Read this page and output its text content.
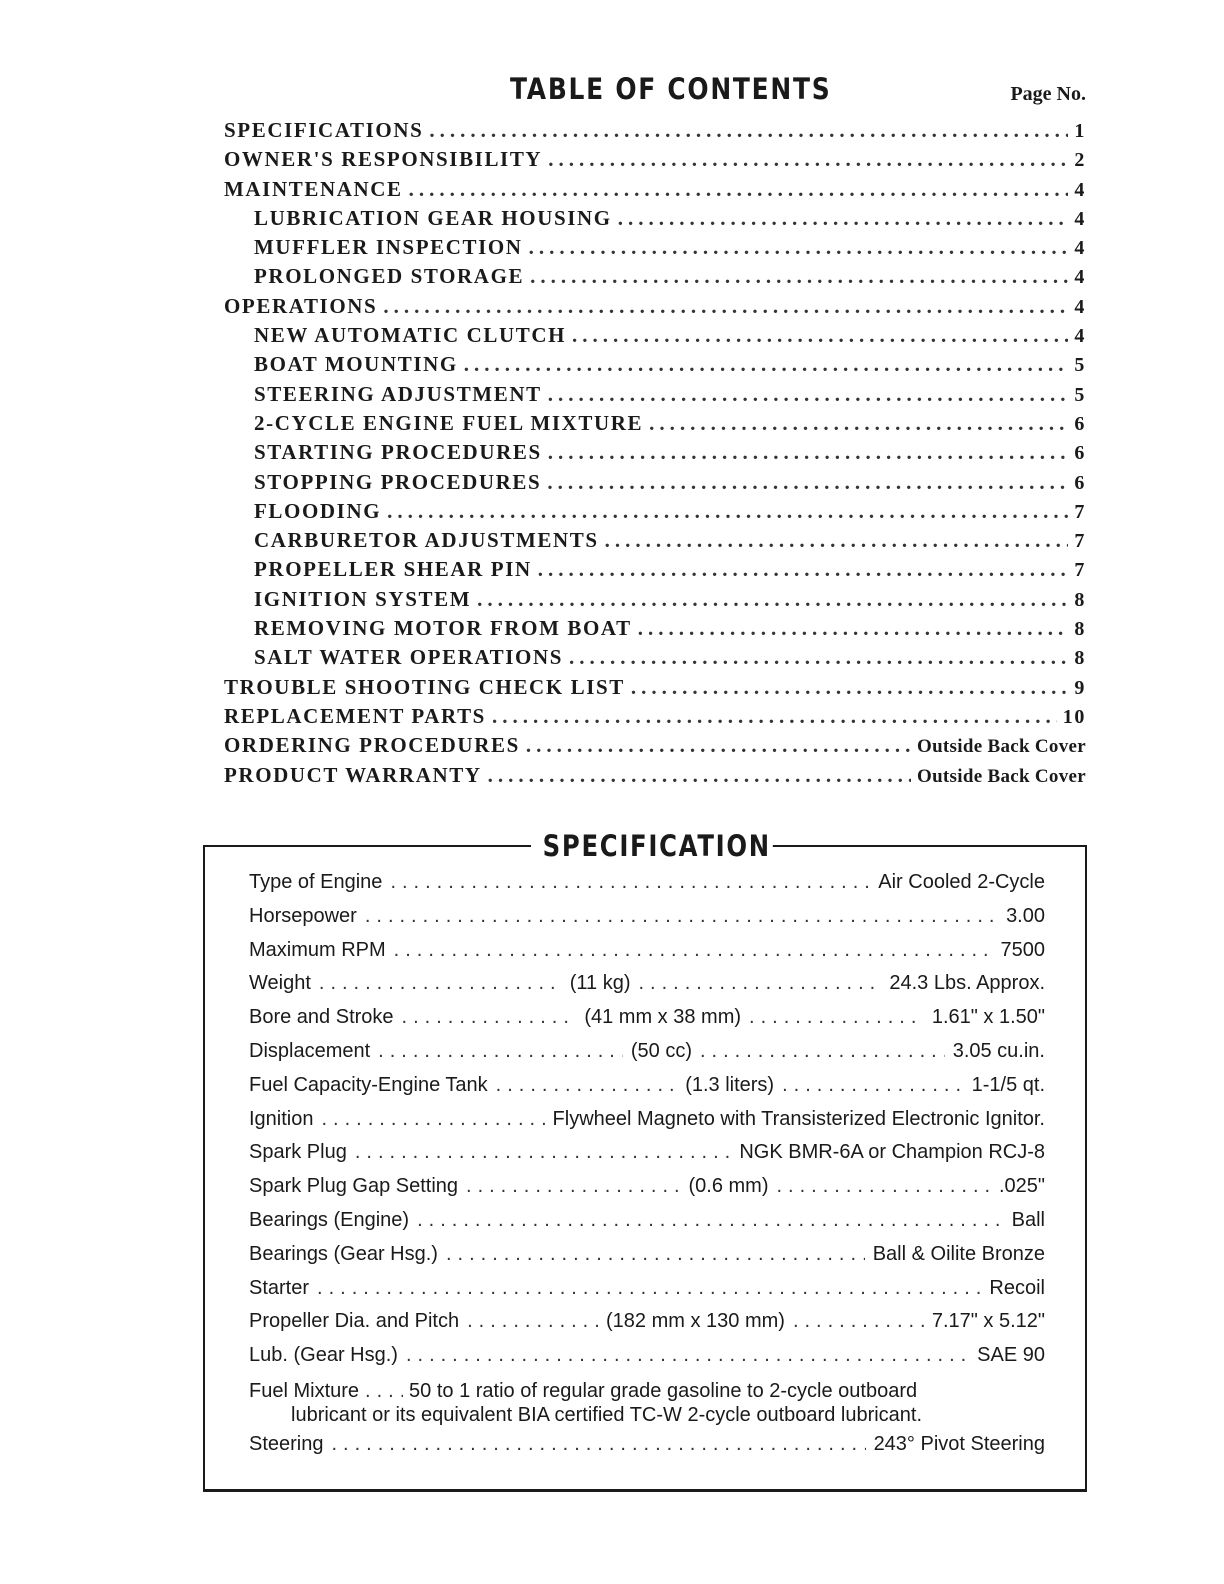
TABLE OF CONTENTS	Page No.
SPECIFICATIONS .....	1
OWNER'S RESPONSIBILITY .....	2
MAINTENANCE .....	4
LUBRICATION GEAR HOUSING .....	4
MUFFLER INSPECTION .....	4
PROLONGED STORAGE .....	4
OPERATIONS .....	4
NEW AUTOMATIC CLUTCH .....	4
BOAT MOUNTING .....	5
STEERING ADJUSTMENT .....	5
2-CYCLE ENGINE FUEL MIXTURE .....	6
STARTING PROCEDURES .....	6
STOPPING PROCEDURES .....	6
FLOODING .....	7
CARBURETOR ADJUSTMENTS .....	7
PROPELLER SHEAR PIN .....	7
IGNITION SYSTEM .....	8
REMOVING MOTOR FROM BOAT .....	8
SALT WATER OPERATIONS .....	8
TROUBLE SHOOTING CHECK LIST .....	9
REPLACEMENT PARTS .....	10
ORDERING PROCEDURES .....	Outside Back Cover
PRODUCT WARRANTY .....	Outside Back Cover
SPECIFICATION
Type of Engine .....	Air Cooled 2-Cycle
Horsepower .....	3.00
Maximum RPM .....	7500
Weight .....	(11 kg) .....	24.3 Lbs. Approx.
Bore and Stroke .....	(41 mm x 38 mm) .....	1.61" x 1.50"
Displacement .....	(50 cc) .....	3.05 cu.in.
Fuel Capacity-Engine Tank .....	(1.3 liters) .....	1-1/5 qt.
Ignition .....	Flywheel Magneto with Transisterized Electronic Ignitor.
Spark Plug .....	NGK BMR-6A or Champion RCJ-8
Spark Plug Gap Setting .....	(0.6 mm) .....	.025"
Bearings (Engine) .....	Ball
Bearings (Gear Hsg.) .....	Ball & Oilite Bronze
Starter .....	Recoil
Propeller Dia. and Pitch .....	(182 mm x 130 mm) .....	7.17" x 5.12"
Lub. (Gear Hsg.) .....	SAE 90
Fuel Mixture .....	50 to 1 ratio of regular grade gasoline to 2-cycle outboard
lubricant or its equivalent BIA certified TC-W 2-cycle outboard lubricant.
Steering .....	243° Pivot Steering
